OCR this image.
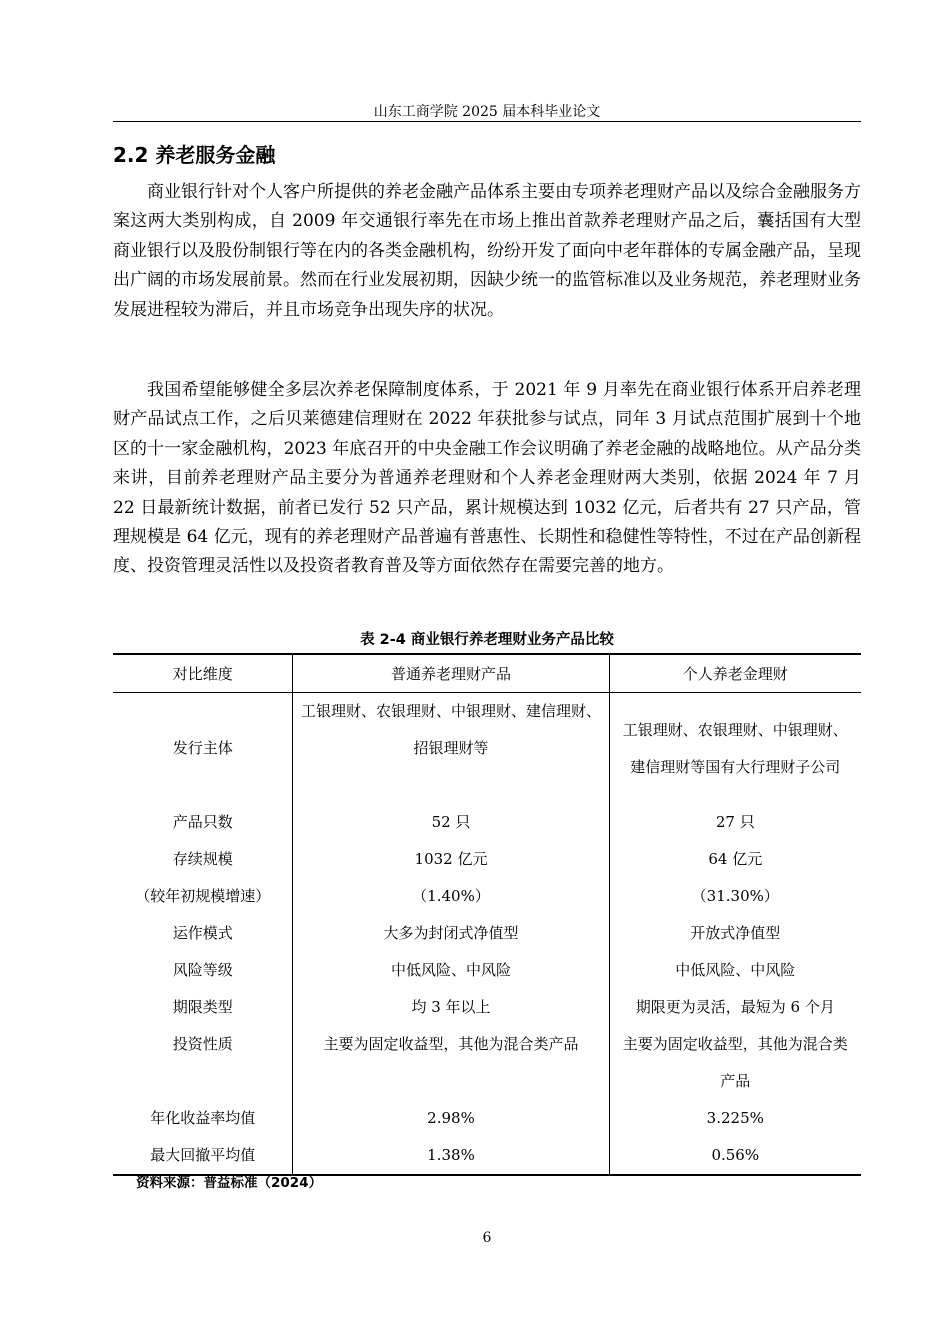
山东工商学院 2025 届本科毕业论文
2.2 养老服务金融

商业银行针对个人客户所提供的养老金融产品体系主要由专项养老理财产品以及综合金融服务方案这两大类别构成，自 2009 年交通银行率先在市场上推出首款养老理财产品之后，囊括国有大型商业银行以及股份制银行等在内的各类金融机构，纷纷开发了面向中老年群体的专属金融产品，呈现出广阔的市场发展前景。然而在行业发展初期，因缺少统一的监管标准以及业务规范，养老理财业务发展进程较为滞后，并且市场竞争出现失序的状况。

我国希望能够健全多层次养老保障制度体系，于 2021 年 9 月率先在商业银行体系开启养老理财产品试点工作，之后贝莱德建信理财在 2022 年获批参与试点，同年 3 月试点范围扩展到十个地区的十一家金融机构，2023 年底召开的中央金融工作会议明确了养老金融的战略地位。从产品分类来讲，目前养老理财产品主要分为普通养老理财和个人养老金理财两大类别，依据 2024 年 7 月 22 日最新统计数据，前者已发行 52 只产品，累计规模达到 1032 亿元，后者共有 27 只产品，管理规模是 64 亿元，现有的养老理财产品普遍有普惠性、长期性和稳健性等特性，不过在产品创新程度、投资管理灵活性以及投资者教育普及等方面依然存在需要完善的地方。

表 2-4 商业银行养老理财业务产品比较
对比维度	普通养老理财产品	个人养老金理财
发行主体	工银理财、农银理财、中银理财、建信理财、招银理财等	工银理财、农银理财、中银理财、建信理财等国有大行理财子公司
产品只数	52 只	27 只
存续规模	1032 亿元	64 亿元
（较年初规模增速）	（1.40%）	（31.30%）
运作模式	大多为封闭式净值型	开放式净值型
风险等级	中低风险、中风险	中低风险、中风险
期限类型	均 3 年以上	期限更为灵活，最短为 6 个月
投资性质	主要为固定收益型，其他为混合类产品	主要为固定收益型，其他为混合类产品
年化收益率均值	2.98%	3.225%
最大回撤平均值	1.38%	0.56%
资料来源：普益标准（2024）
6
